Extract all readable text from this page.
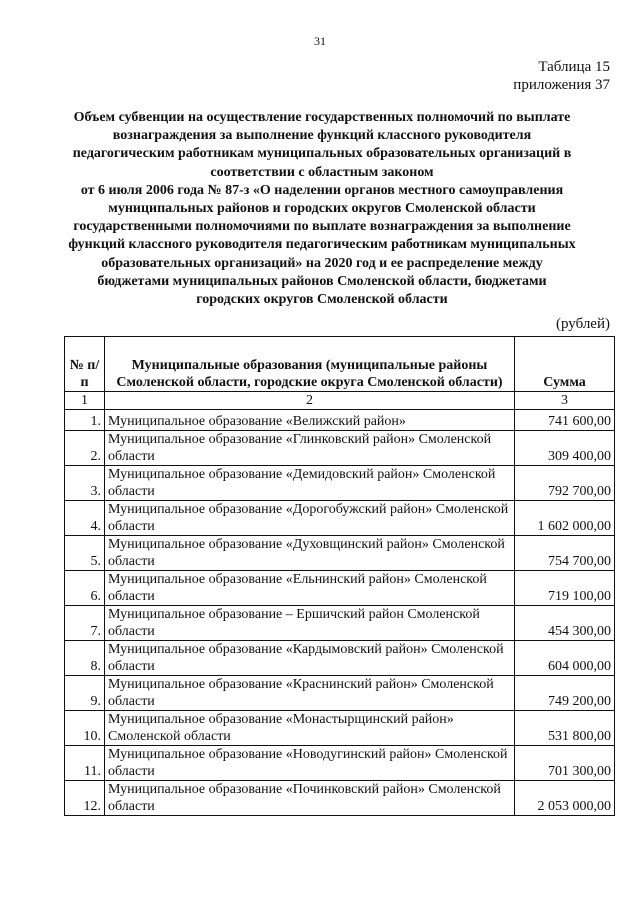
31
Таблица 15
приложения 37
Объем субвенции на осуществление государственных полномочий по выплате
вознаграждения за выполнение функций классного руководителя
педагогическим работникам муниципальных образовательных организаций в
соответствии с областным законом
от 6 июля 2006 года № 87-з «О наделении органов местного самоуправления
муниципальных районов и городских округов Смоленской области
государственными полномочиями по выплате вознаграждения за выполнение
функций классного руководителя педагогическим работникам муниципальных
образовательных организаций» на 2020 год и ее распределение между
бюджетами муниципальных районов Смоленской области, бюджетами
городских округов Смоленской области
(рублей)
№ п/п	Муниципальные образования (муниципальные районы Смоленской области, городские округа Смоленской области)	Сумма
1	2	3
1.	Муниципальное образование «Велижский район»	741 600,00
2.	Муниципальное образование «Глинковский район» Смоленской области	309 400,00
3.	Муниципальное образование «Демидовский район» Смоленской области	792 700,00
4.	Муниципальное образование «Дорогобужский район» Смоленской области	1 602 000,00
5.	Муниципальное образование «Духовщинский район» Смоленской области	754 700,00
6.	Муниципальное образование «Ельнинский район» Смоленской области	719 100,00
7.	Муниципальное образование – Ершичский район Смоленской области	454 300,00
8.	Муниципальное образование «Кардымовский район» Смоленской области	604 000,00
9.	Муниципальное образование «Краснинский район» Смоленской области	749 200,00
10.	Муниципальное образование «Монастырщинский район» Смоленской области	531 800,00
11.	Муниципальное образование «Новодугинский район» Смоленской области	701 300,00
12.	Муниципальное образование «Починковский район» Смоленской области	2 053 000,00
